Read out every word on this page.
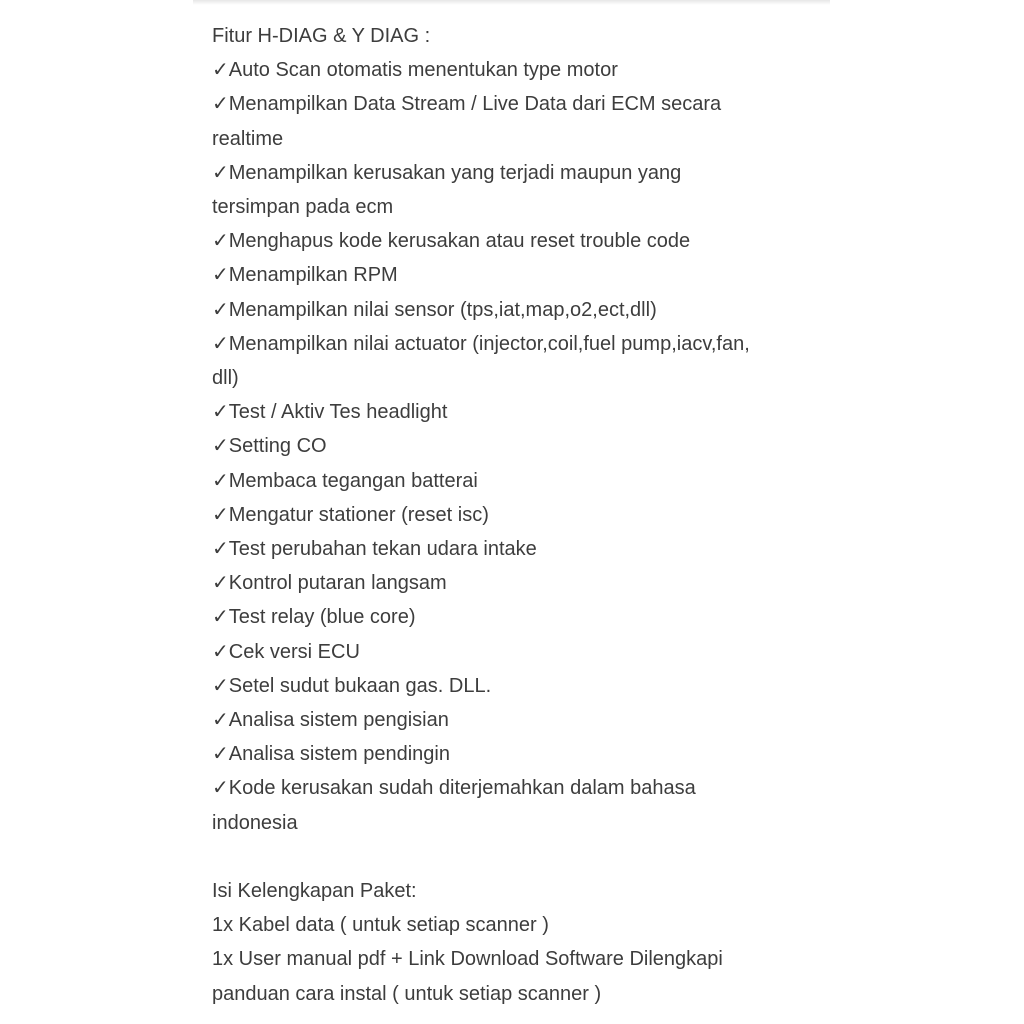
Fitur H-DIAG & Y DIAG :
✓Auto Scan otomatis menentukan type motor
✓Menampilkan Data Stream / Live Data dari ECM secara
realtime
✓Menampilkan kerusakan yang terjadi maupun yang
tersimpan pada ecm
✓Menghapus kode kerusakan atau reset trouble code
✓Menampilkan RPM
✓Menampilkan nilai sensor (tps,iat,map,o2,ect,dll)
✓Menampilkan nilai actuator (injector,coil,fuel pump,iacv,fan,
dll)
✓Test / Aktiv Tes headlight
✓Setting CO
✓Membaca tegangan batterai
✓Mengatur stationer (reset isc)
✓Test perubahan tekan udara intake
✓Kontrol putaran langsam
✓Test relay (blue core)
✓Cek versi ECU
✓Setel sudut bukaan gas. DLL.
✓Analisa sistem pengisian
✓Analisa sistem pendingin
✓Kode kerusakan sudah diterjemahkan dalam bahasa
indonesia
Isi Kelengkapan Paket:
1x Kabel data ( untuk setiap scanner )
1x User manual pdf + Link Download Software Dilengkapi
panduan cara instal ( untuk setiap scanner )
